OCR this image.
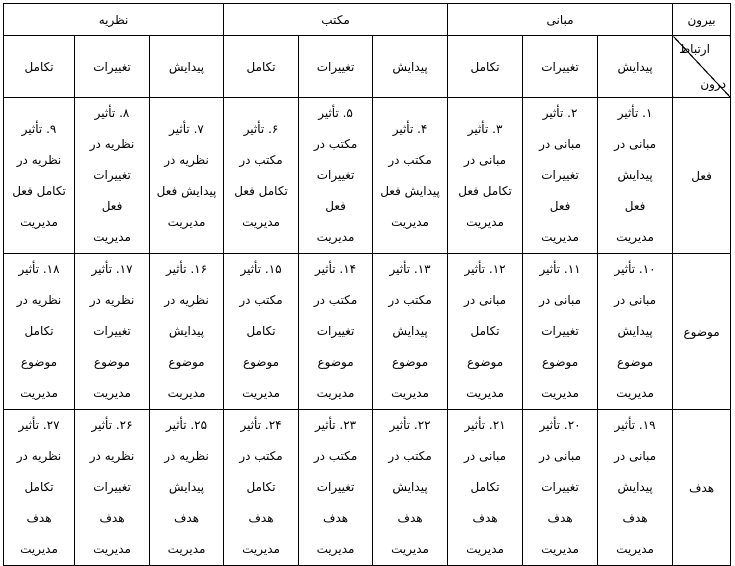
بیرون	مبانی			مکتب			نظریه		

ارتباط
درون	پیدایش	تغییرات	تکامل	پیدایش	تغییرات	تکامل	پیدایش	تغییرات	تکامل
فعل	۱. تأثیر
مبانی در
پیدایش
فعل
مدیریت	۲. تأثیر
مبانی در
تغییرات
فعل
مدیریت	۳. تأثیر
مبانی در
تکامل فعل
مدیریت	۴. تأثیر
مکتب در
پیدایش فعل
مدیریت	۵. تأثیر
مکتب در
تغییرات
فعل
مدیریت	۶. تأثیر
مکتب در
تکامل فعل
مدیریت	۷. تأثیر
نظریه در
پیدایش فعل
مدیریت	۸. تأثیر
نظریه در
تغییرات
فعل
مدیریت	۹. تأثیر
نظریه در
تکامل فعل
مدیریت
موضوع	۱۰. تأثیر
مبانی در
پیدایش
موضوع
مدیریت	۱۱. تأثیر
مبانی در
تغییرات
موضوع
مدیریت	۱۲. تأثیر
مبانی در
تکامل
موضوع
مدیریت	۱۳. تأثیر
مکتب در
پیدایش
موضوع
مدیریت	۱۴. تأثیر
مکتب در
تغییرات
موضوع
مدیریت	۱۵. تأثیر
مکتب در
تکامل
موضوع
مدیریت	۱۶. تأثیر
نظریه در
پیدایش
موضوع
مدیریت	۱۷. تأثیر
نظریه در
تغییرات
موضوع
مدیریت	۱۸. تأثیر
نظریه در
تکامل
موضوع
مدیریت
هدف	۱۹. تأثیر
مبانی در
پیدایش
هدف
مدیریت	۲۰. تأثیر
مبانی در
تغییرات
هدف
مدیریت	۲۱. تأثیر
مبانی در
تکامل
هدف
مدیریت	۲۲. تأثیر
مکتب در
پیدایش
هدف
مدیریت	۲۳. تأثیر
مکتب در
تغییرات
هدف
مدیریت	۲۴. تأثیر
مکتب در
تکامل
هدف
مدیریت	۲۵. تأثیر
نظریه در
پیدایش
هدف
مدیریت	۲۶. تأثیر
نظریه در
تغییرات
هدف
مدیریت	۲۷. تأثیر
نظریه در
تکامل
هدف
مدیریت
